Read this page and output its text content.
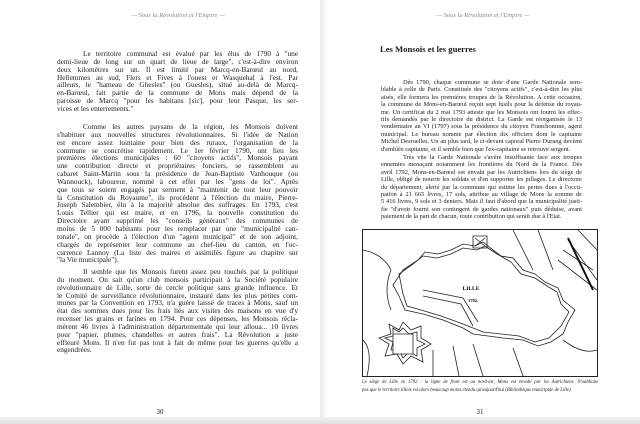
— Sous la Révolution et l'Empire —
Le territoire communal est évalué par les élus de 1790 à "une
demi-lieue de long sur un quart de lieue de large", c'est-à-dire environ
deux kilomètres sur un. Il est limité par Marcq-en-Barœul au nord,
Hellemmes au sud, Flers et Fives à l'ouest et Wasquehal à l'est. Par
ailleurs, le "hameau de Ghesles" (ou Guesles), situé au-delà de Marcq-
en-Barœul, fait partie de la commune de Mons mais dépend de la
paroisse de Marcq "pour les habitans [sic], pour leur Pasque, les ser-
vices et les enterrements."
Comme les autres paysans de la région, les Monsois doivent
s'habituer aux nouvelles structures révolutionnaires. Si l'idée de Nation
est encore assez lointaine pour bien des ruraux, l'organisation de la
commune se concrétise rapidement. Le 1er février 1790, ont lieu les
premières élections municipales : 60 "citoyens actifs", Monsois payant
une contribution directe et propriétaires fonciers, se rassemblent au
cabaret Saint-Martin sous la présidence de Jean-Baptiste Vanhouque (ou
Wannouck), laboureur, nommé à cet effet par les "gens de loi". Après
que tous se soient engagés par serment à "maintenir de tout leur pouvoir
la Constitution du Royaume", ils procèdent à l'élection du maire, Pierre-
Joseph Salembier, élu à la majorité absolue des suffrages. En 1793, c'est
Louis Tellier qui est maire, et en 1796, la nouvelle constitution du
Directoire ayant supprimé les "conseils généraux" des communes de
moins de 5 000 habitants pour les remplacer par une "municipalité can-
tonale", on procède à l'élection d'un "agent municipal" et de son adjoint,
chargés de représenter leur commune au chef-lieu du canton, en l'oc-
currence Lannoy (La liste des maires et assimilés figure au chapitre sur
"la Vie municipale").
Il semble que les Monsois furent assez peu touchés par la politique
du moment. On sait qu'un club monsois participait à la Société populaire
révolutionnaire de Lille, sorte de cercle politique sans grande influence. Et
le Comité de surveillance révolutionnaire, instauré dans les plus petites com-
munes par la Convention en 1793, n'a guère laissé de traces à Mons, sauf un
état des sommes dues pour les frais liés aux visites des maisons en vue d'y
recenser les grains et farines en 1794. Pour ces dépenses, les Monsois récla-
mèrent 46 livres à l'administration départementale qui leur alloua... 10 livres
pour "papier, plumes, chandelles et autres frais". La Révolution a juste
effleuré Mons. Il n'en fut pas tout à fait de même pour les guerres qu'elle a
engendrées.
30
— Sous la Révolution et l'Empire —
Les Monsois et les guerres
Dès 1790, chaque commune se dote d'une Garde Nationale sem-
blable à celle de Paris. Constituée des "citoyens actifs", c'est-à-dire les plus
aisés, elle formera les premières troupes de la Révolution. A cette occasion,
la commune de Mons-en-Barœul reçoit sept fusils pour la défense du royau-
me. Un certificat du 2 mai 1793 atteste que les Monsois ont fourni les effec-
tifs demandés par le directoire du district. La Garde est réorganisée le 13
vendémiaire an VI (1797) sous la présidence du citoyen Franchomme, agent
municipal. Le bureau nomme par élection dix officiers dont le capitaine
Michel Desruelles. Un an plus tard, le ci-devant caporal Pierre Durang devient
d'emblée capitaine, et il semble bien que l'ex-capitaine se retrouve sergent.
Très vite la Garde Nationale s'avère insuffisante face aux troupes
ennemies menaçant notamment les frontières du Nord de la France. Dès
avril 1792, Mons-en-Barœul est envahi par les Autrichiens lors du siège de
Lille, obligé de nourrir les soldats et d'en supporter les pillages. Le directoire
du département, alerté par la commune qui estime les pertes dues à l'occu-
pation à 21 665 livres, 17 sols, attribue au village de Mons la somme de
5 416 livres, 9 sols et 3 deniers. Mais il faut d'abord que la municipalité justi-
fie "d'avoir fourni son contingent de gardes nationaux" puis déduise, avant
paiement de la part de chacun, toute contribution qui serait due à l'Etat.
LILLE
1792.
Le siège de Lille en 1792 : la ligne de front est au nord-est, Mons est envahi par les Autrichiens. N'oublions
pas que le territoire lillois est alors beaucoup moins étendu qu'aujourd'hui (Bibliothèque municipale de Lille).
31
